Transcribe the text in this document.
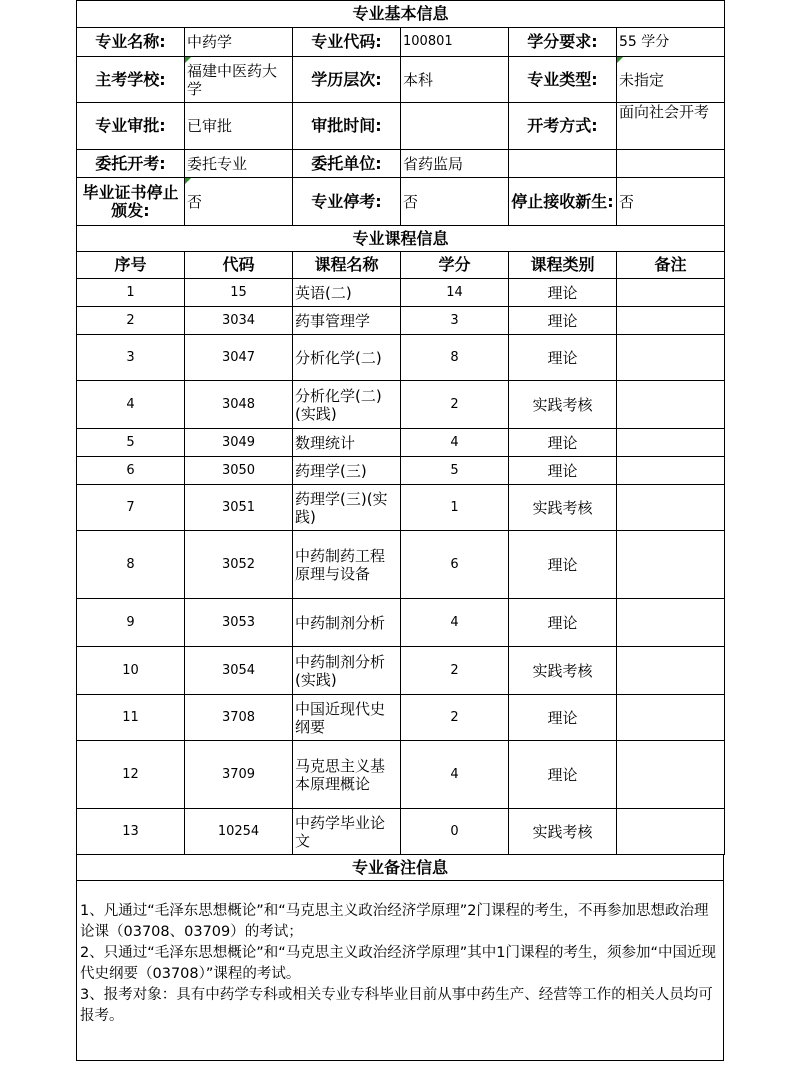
专业基本信息					
专业名称:	中药学	专业代码:	100801	学分要求:	55 学分
主考学校:	福建中医药大学	学历层次:	本科	专业类型:	未指定
专业审批:	已审批	审批时间:		开考方式:	面向社会开考
委托开考:	委托专业	委托单位:	省药监局		
毕业证书停止颁发:	否	专业停考:	否	停止接收新生:	否
专业课程信息					
序号	代码	课程名称	学分	课程类别	备注
1	15	英语(二)	14	理论	
2	3034	药事管理学	3	理论	
3	3047	分析化学(二)	8	理论	
4	3048	分析化学(二)(实践)	2	实践考核	
5	3049	数理统计	4	理论	
6	3050	药理学(三)	5	理论	
7	3051	药理学(三)(实践)	1	实践考核	
8	3052	中药制药工程原理与设备	6	理论	
9	3053	中药制剂分析	4	理论	
10	3054	中药制剂分析(实践)	2	实践考核	
11	3708	中国近现代史纲要	2	理论	
12	3709	马克思主义基本原理概论	4	理论	
13	10254	中药学毕业论文	0	实践考核	
专业备注信息

1、凡通过“毛泽东思想概论”和“马克思主义政治经济学原理”2门课程的考生，不再参加思想政治理论课（03708、03709）的考试；

2、只通过“毛泽东思想概论”和“马克思主义政治经济学原理”其中1门课程的考生，须参加“中国近现代史纲要（03708）”课程的考试。

3、报考对象：具有中药学专科或相关专业专科毕业目前从事中药生产、经营等工作的相关人员均可报考。
